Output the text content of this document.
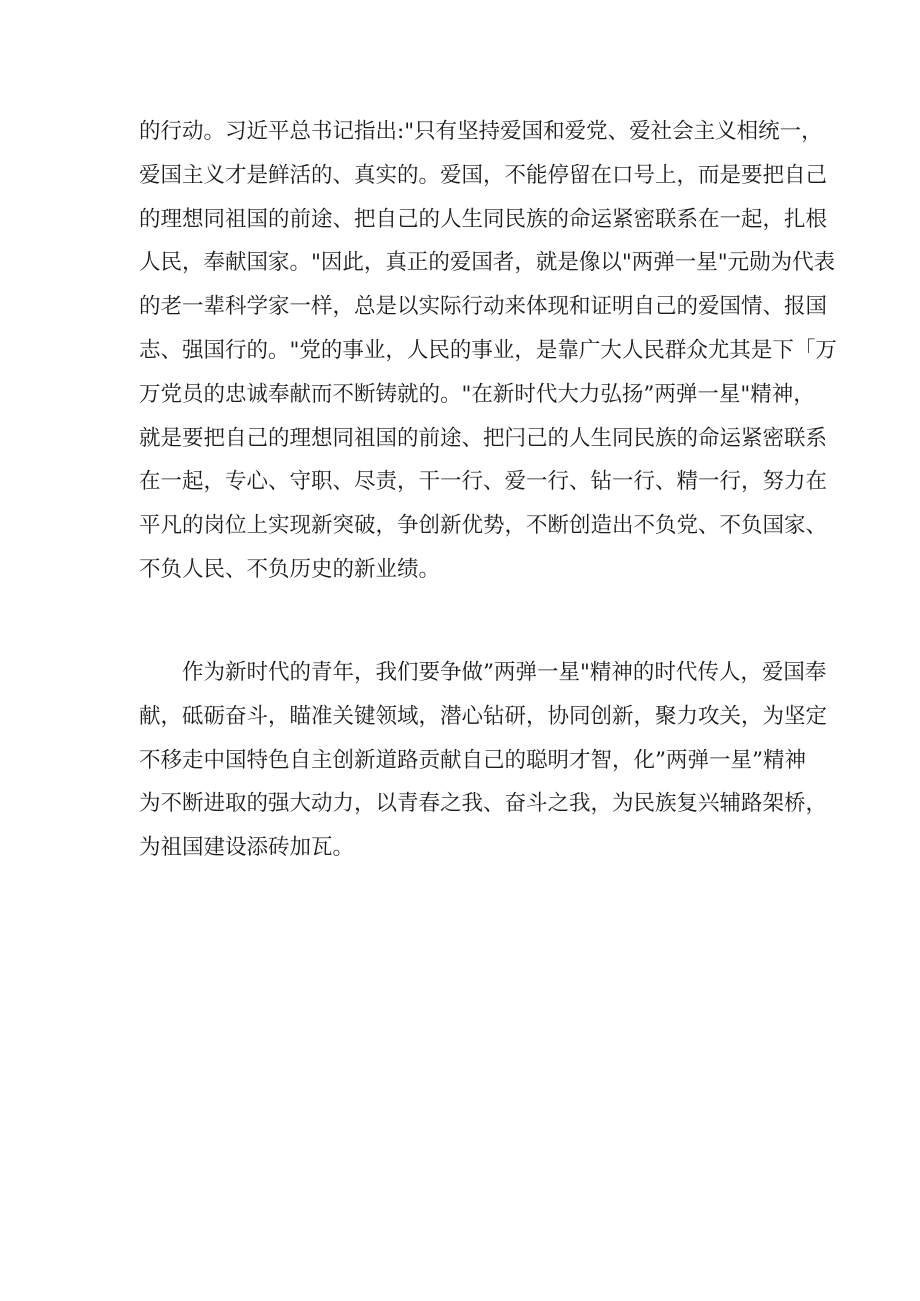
的行动。习近平总书记指出:"只有坚持爱国和爱党、爱社会主义相统一，
爱国主义才是鲜活的、真实的。爱国，不能停留在口号上，而是要把自己
的理想同祖国的前途、把自己的人生同民族的命运紧密联系在一起，扎根
人民，奉献国家。"因此，真正的爱国者，就是像以"两弹一星"元勋为代表
的老一辈科学家一样，总是以实际行动来体现和证明自己的爱国情、报国
志、强国行的。"党的事业，人民的事业，是靠广大人民群众尤其是下「万
万党员的忠诚奉献而不断铸就的。"在新时代大力弘扬”两弹一星"精神，
就是要把自己的理想同祖国的前途、把闩己的人生同民族的命运紧密联系
在一起，专心、守职、尽责，干一行、爱一行、钻一行、精一行，努力在
平凡的岗位上实现新突破，争创新优势，不断创造出不负党、不负国家、
不负人民、不负历史的新业绩。
作为新时代的青年，我们要争做”两弹一星"精神的时代传人，爱国奉
献，砥砺奋斗，瞄准关键领域，潜心钻研，协同创新，聚力攻关，为坚定
不移走中国特色自主创新道路贡献自己的聪明才智，化”两弹一星”精神
为不断进取的强大动力，以青春之我、奋斗之我，为民族复兴辅路架桥，
为祖国建设添砖加瓦。
